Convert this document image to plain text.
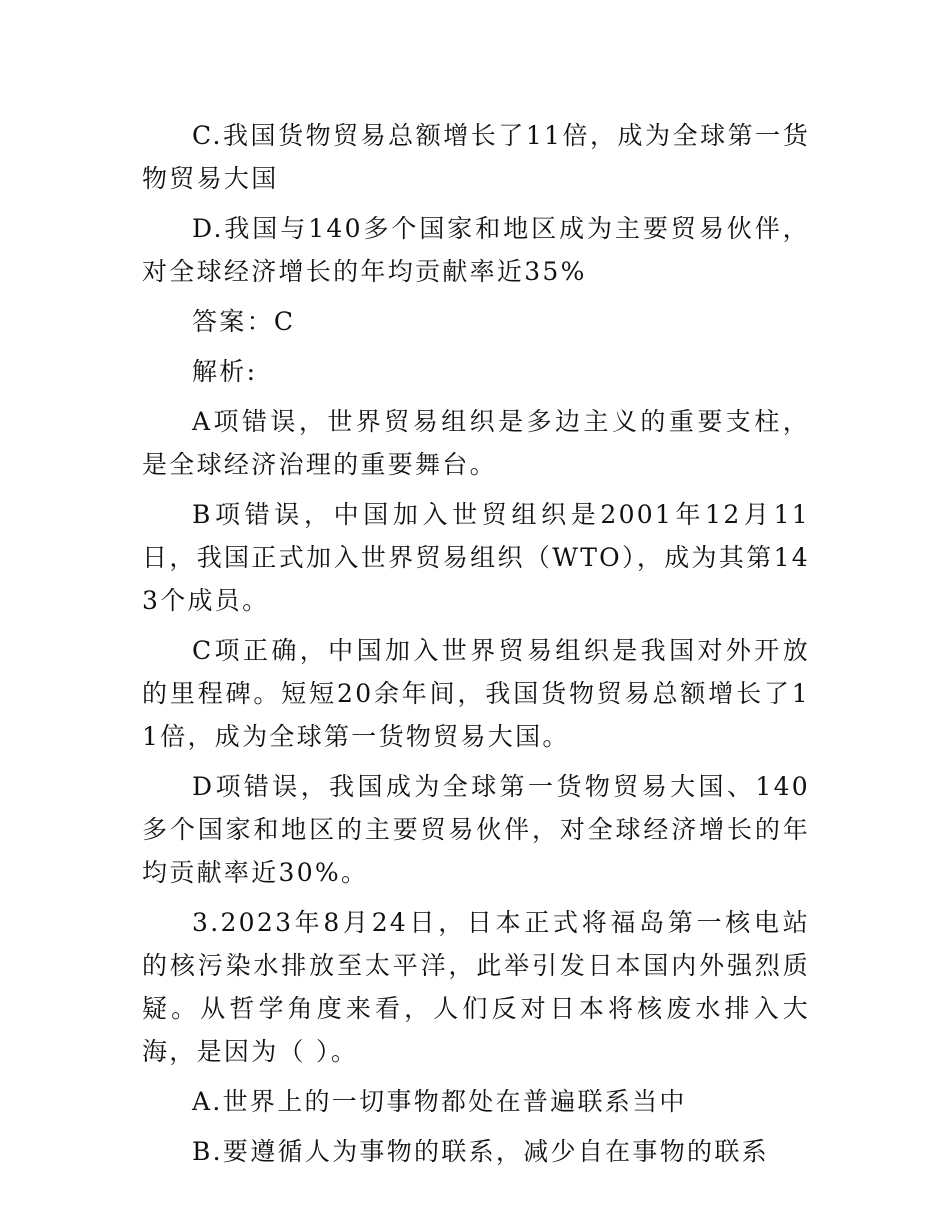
C.我国货物贸易总额增长了11倍，成为全球第一货物贸易大国

D.我国与140多个国家和地区成为主要贸易伙伴，对全球经济增长的年均贡献率近35%

答案：C

解析:

A项错误，世界贸易组织是多边主义的重要支柱，是全球经济治理的重要舞台。

B项错误，中国加入世贸组织是2001年12月11日，我国正式加入世界贸易组织（WTO），成为其第143个成员。

C项正确，中国加入世界贸易组织是我国对外开放的里程碑。短短20余年间，我国货物贸易总额增长了11倍，成为全球第一货物贸易大国。

D项错误，我国成为全球第一货物贸易大国、140多个国家和地区的主要贸易伙伴，对全球经济增长的年均贡献率近30%。

3.2023年8月24日，日本正式将福岛第一核电站的核污染水排放至太平洋，此举引发日本国内外强烈质疑。从哲学角度来看，人们反对日本将核废水排入大海，是因为（ ）。

A.世界上的一切事物都处在普遍联系当中

B.要遵循人为事物的联系，减少自在事物的联系
